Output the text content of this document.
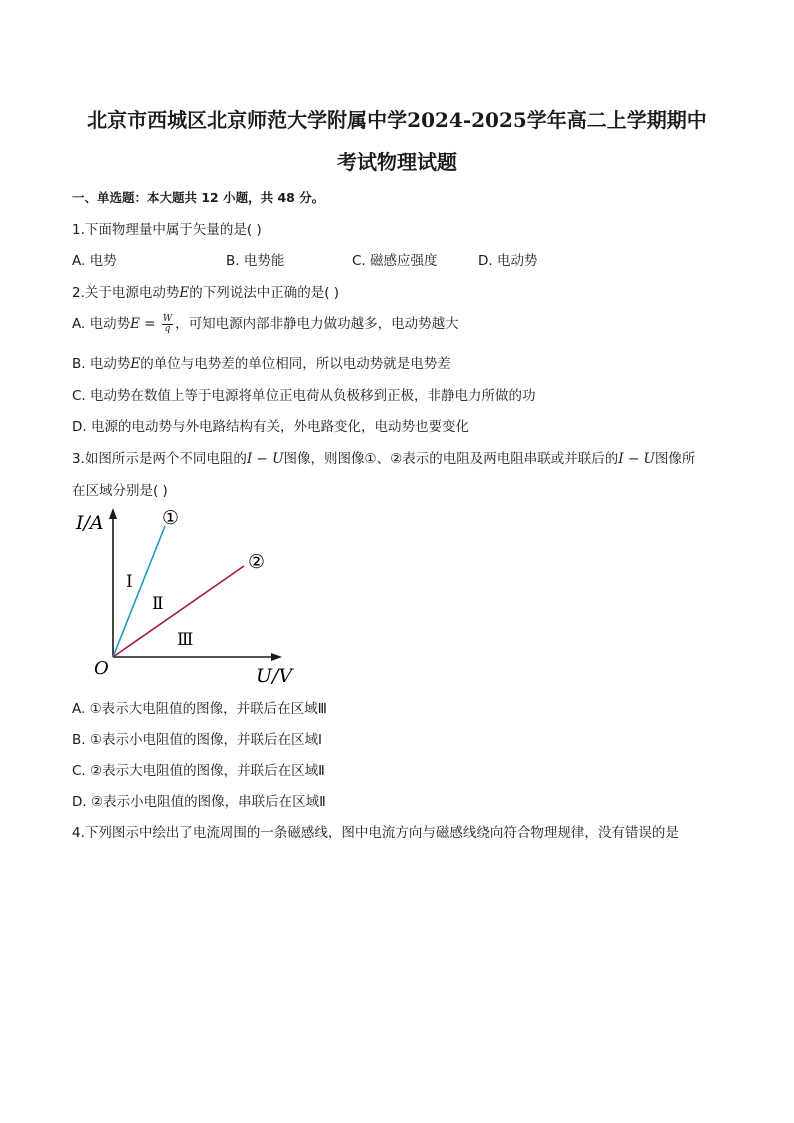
北京市西城区北京师范大学附属中学2024-2025学年高二上学期期中
考试物理试题
一、单选题：本大题共 12 小题，共 48 分。
1.下面物理量中属于矢量的是( )
A. 电势	B. 电势能	C. 磁感应强度	D. 电动势
2.关于电源电动势E的下列说法中正确的是( )
A. 电动势$E = \frac{W}{q}$ ，可知电源内部非静电力做功越多，电动势越大
B. 电动势E的单位与电势差的单位相同，所以电动势就是电势差
C. 电动势在数值上等于电源将单位正电荷从负极移到正极，非静电力所做的功
D. 电源的电动势与外电路结构有关，外电路变化，电动势也要变化
3.如图所示是两个不同电阻的I − U图像，则图像①、②表示的电阻及两电阻串联或并联后的I − U图像所
在区域分别是( )
I/A
U/V
O
①
②
Ⅰ
Ⅱ
Ⅲ
A. ①表示大电阻值的图像，并联后在区域Ⅲ
B. ①表示小电阻值的图像，并联后在区域Ⅰ
C. ②表示大电阻值的图像，并联后在区域Ⅱ
D. ②表示小电阻值的图像，串联后在区域Ⅱ
4.下列图示中绘出了电流周围的一条磁感线，图中电流方向与磁感线绕向符合物理规律，没有错误的是
